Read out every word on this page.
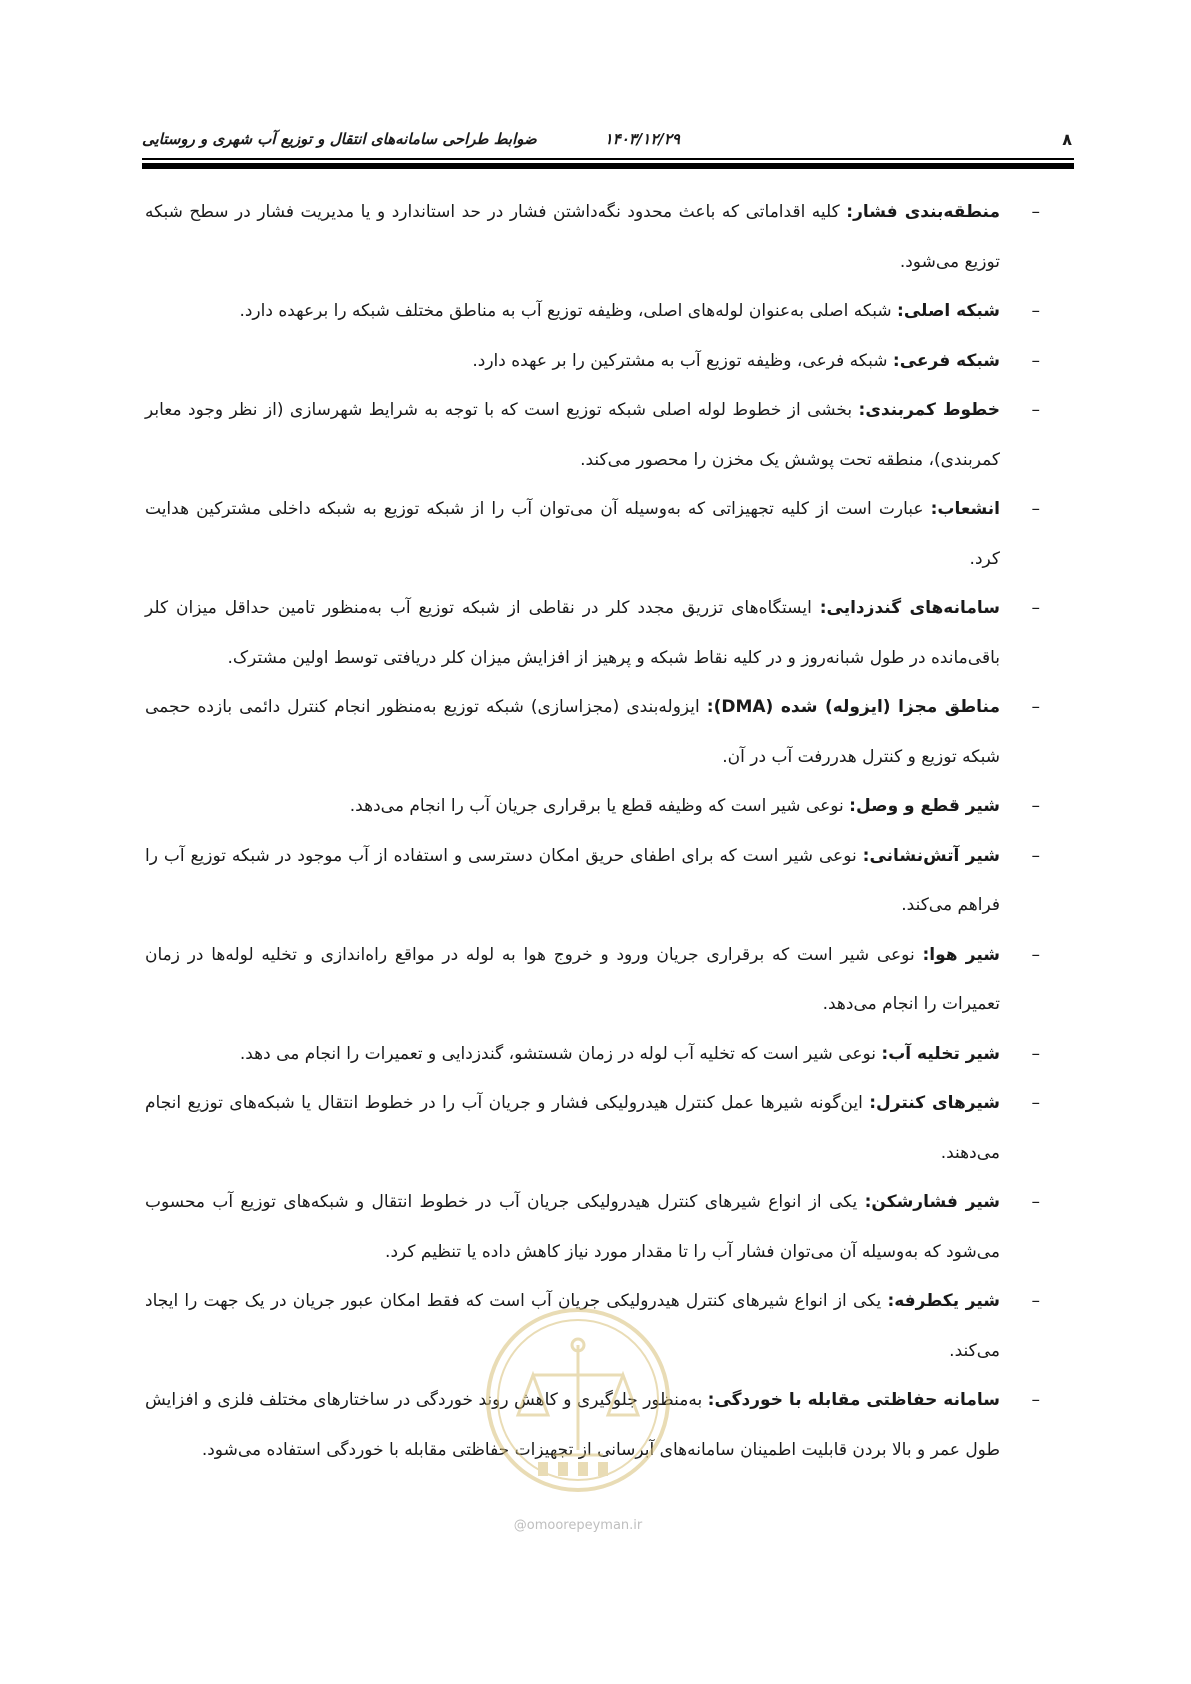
۸
۱۴۰۳/۱۲/۲۹
ضوابط طراحی سامانه‌های انتقال و توزیع آب شهری و روستایی
–
منطقه‌بندی فشار: کلیه اقداماتی که باعث محدود نگه‌داشتن فشار در حد استاندارد و یا مدیریت فشار در سطح شبکه توزیع می‌شود.
–
شبکه اصلی: شبکه اصلی به‌عنوان لوله‌های اصلی، وظیفه توزیع آب به مناطق مختلف شبکه را برعهده دارد.
–
شبکه فرعی: شبکه فرعی، وظیفه توزیع آب به مشترکین را بر عهده دارد.
–
خطوط کمربندی: بخشی از خطوط لوله اصلی شبکه توزیع است که با توجه به شرایط شهرسازی (از نظر وجود معابر کمربندی)، منطقه تحت پوشش یک مخزن را محصور می‌کند.
–
انشعاب: عبارت است از کلیه تجهیزاتی که به‌وسیله آن می‌توان آب را از شبکه توزیع به شبکه داخلی مشترکین هدایت کرد.
–
سامانه‌های گندزدایی: ایستگاه‌های تزریق مجدد کلر در نقاطی از شبکه توزیع آب به‌منظور تامین حداقل میزان کلر باقی‌مانده در طول شبانه‌روز و در کلیه نقاط شبکه و پرهیز از افزایش میزان کلر دریافتی توسط اولین مشترک.
–
مناطق مجزا (ایزوله) شده (DMA): ایزوله‌بندی (مجزاسازی) شبکه توزیع به‌منظور انجام کنترل دائمی بازده حجمی شبکه توزیع و کنترل هدررفت آب در آن.
–
شیر قطع و وصل: نوعی شیر است که وظیفه قطع یا برقراری جریان آب را انجام می‌دهد.
–
شیر آتش‌نشانی: نوعی شیر است که برای اطفای حریق امکان دسترسی و استفاده از آب موجود در شبکه توزیع آب را فراهم می‌کند.
–
شیر هوا: نوعی شیر است که برقراری جریان ورود و خروج هوا به لوله در مواقع راه‌اندازی و تخلیه لوله‌ها در زمان تعمیرات را انجام می‌دهد.
–
شیر تخلیه آب: نوعی شیر است که تخلیه آب لوله در زمان شستشو، گندزدایی و تعمیرات را انجام می دهد.
–
شیرهای کنترل: این‌گونه شیرها عمل کنترل هیدرولیکی فشار و جریان آب را در خطوط انتقال یا شبکه‌های توزیع انجام می‌دهند.
–
شیر فشارشکن: یکی از انواع شیرهای کنترل هیدرولیکی جریان آب در خطوط انتقال و شبکه‌های توزیع آب محسوب می‌شود که به‌وسیله آن می‌توان فشار آب را تا مقدار مورد نیاز کاهش داده یا تنظیم کرد.
–
شیر یکطرفه: یکی از انواع شیرهای کنترل هیدرولیکی جریان آب است که فقط امکان عبور جریان در یک جهت را ایجاد می‌کند.
–
سامانه حفاظتی مقابله با خوردگی: به‌منظور جلوگیری و کاهش روند خوردگی در ساختارهای مختلف فلزی و افزایش طول عمر و بالا بردن قابلیت اطمینان سامانه‌های آبرسانی از تجهیزات حفاظتی مقابله با خوردگی استفاده می‌شود.
@omoorepeyman.ir
